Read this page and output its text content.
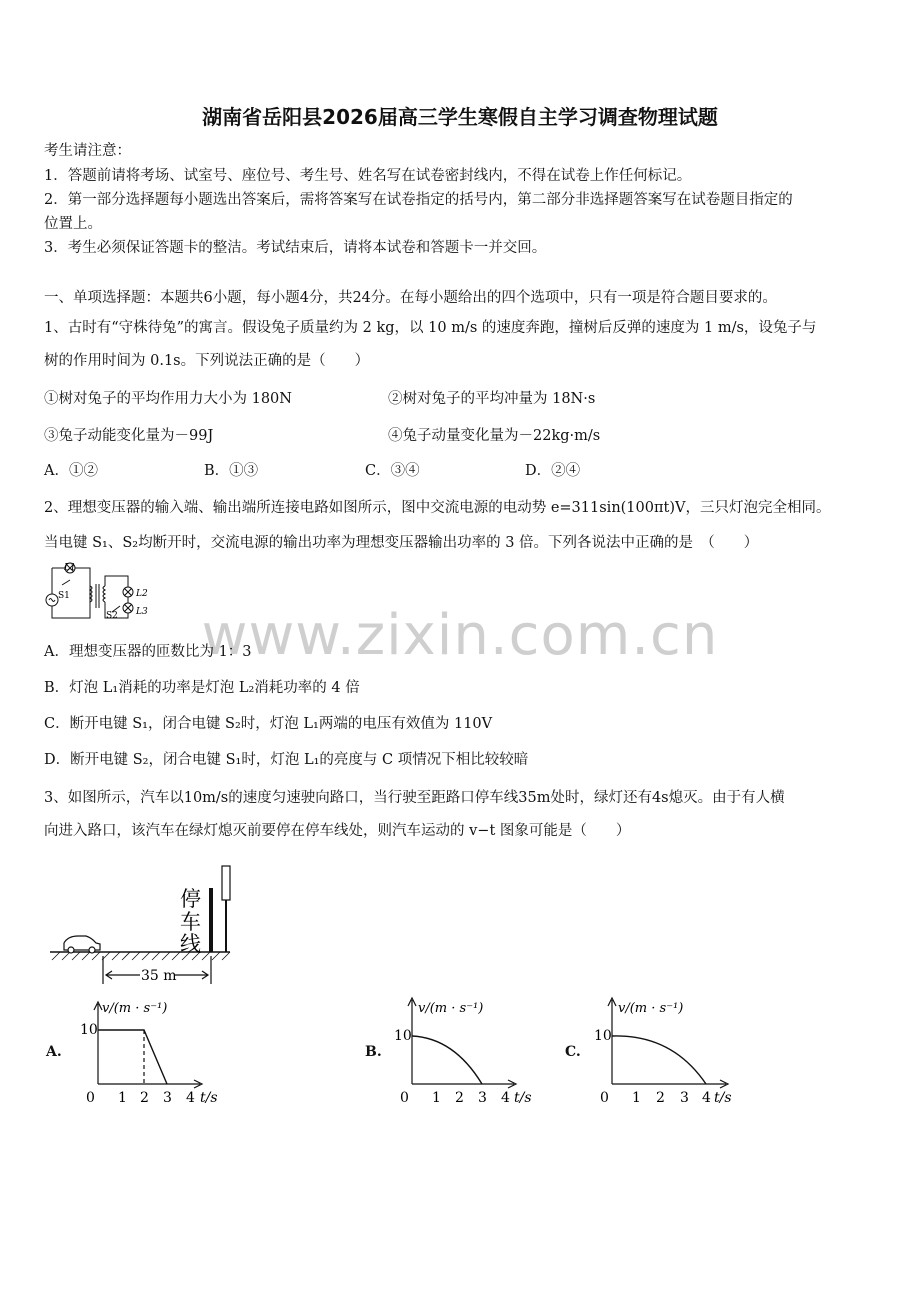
湖南省岳阳县2026届高三学生寒假自主学习调查物理试题
考生请注意：
1．答题前请将考场、试室号、座位号、考生号、姓名写在试卷密封线内，不得在试卷上作任何标记。
2．第一部分选择题每小题选出答案后，需将答案写在试卷指定的括号内，第二部分非选择题答案写在试卷题目指定的
位置上。
3．考生必须保证答题卡的整洁。考试结束后，请将本试卷和答题卡一并交回。
一、单项选择题：本题共6小题，每小题4分，共24分。在每小题给出的四个选项中，只有一项是符合题目要求的。
1、古时有“守株待兔”的寓言。假设兔子质量约为 2 kg，以 10 m/s 的速度奔跑，撞树后反弹的速度为 1 m/s，设兔子与
树的作用时间为 0.1s。下列说法正确的是（　　）
①树对兔子的平均作用力大小为 180N	②树对兔子的平均冲量为 18N·s
③兔子动能变化量为－99J	④兔子动量变化量为－22kg·m/s
A．①②	B．①③	C．③④	D．②④
2、理想变压器的输入端、输出端所连接电路如图所示，图中交流电源的电动势 e=311sin(100πt)V，三只灯泡完全相同。
当电键 S₁、S₂均断开时，交流电源的输出功率为理想变压器输出功率的 3 倍。下列各说法中正确的是　（　　）
L1
S1	L2
S2 L3 www.zixin.com.cn
A．理想变压器的匝数比为 1：3
B．灯泡 L₁消耗的功率是灯泡 L₂消耗功率的 4 倍
C．断开电键 S₁，闭合电键 S₂时，灯泡 L₁两端的电压有效值为 110V
D．断开电键 S₂，闭合电键 S₁时，灯泡 L₁的亮度与 C 项情况下相比较较暗
3、如图所示，汽车以10m/s的速度匀速驶向路口，当行驶至距路口停车线35m处时，绿灯还有4s熄灭。由于有人横
向进入路口，该汽车在绿灯熄灭前要停在停车线处，则汽车运动的 v−t 图象可能是（　　）
停
车
线
35 m
A.
v/(m · s⁻¹)
10
0 1 2 3 4 t/s
B.
v/(m · s⁻¹)
10
0 1 2 3 4 t/s
C.
v/(m · s⁻¹)
10
0 1 2 3 4 t/s
